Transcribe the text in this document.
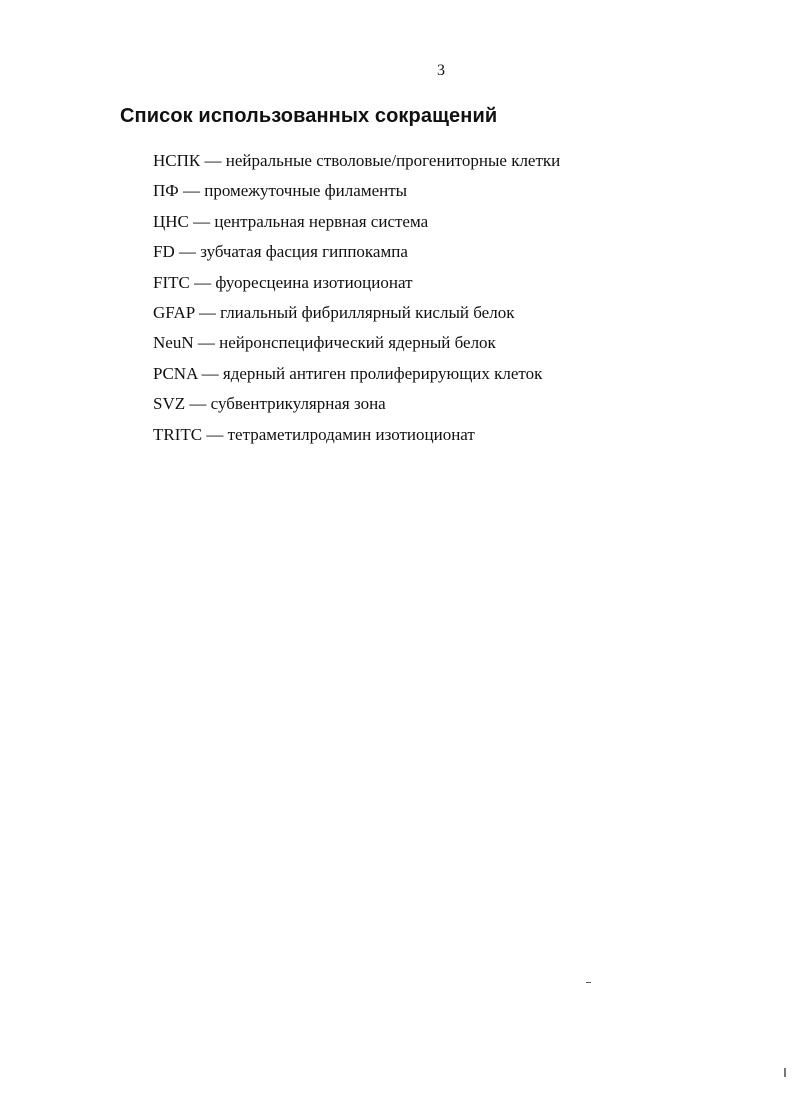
3
Список использованных сокращений
НСПК — нейральные стволовые/прогениторные клетки
ПФ — промежуточные филаменты
ЦНС — центральная нервная система
FD — зубчатая фасция гиппокампа
FITC — фуоресцеина изотиоционат
GFAP — глиальный фибриллярный кислый белок
NeuN — нейронспецифический ядерный белок
PCNA — ядерный антиген пролиферирующих клеток
SVZ — субвентрикулярная зона
TRITC — тетраметилродамин изотиоционат
